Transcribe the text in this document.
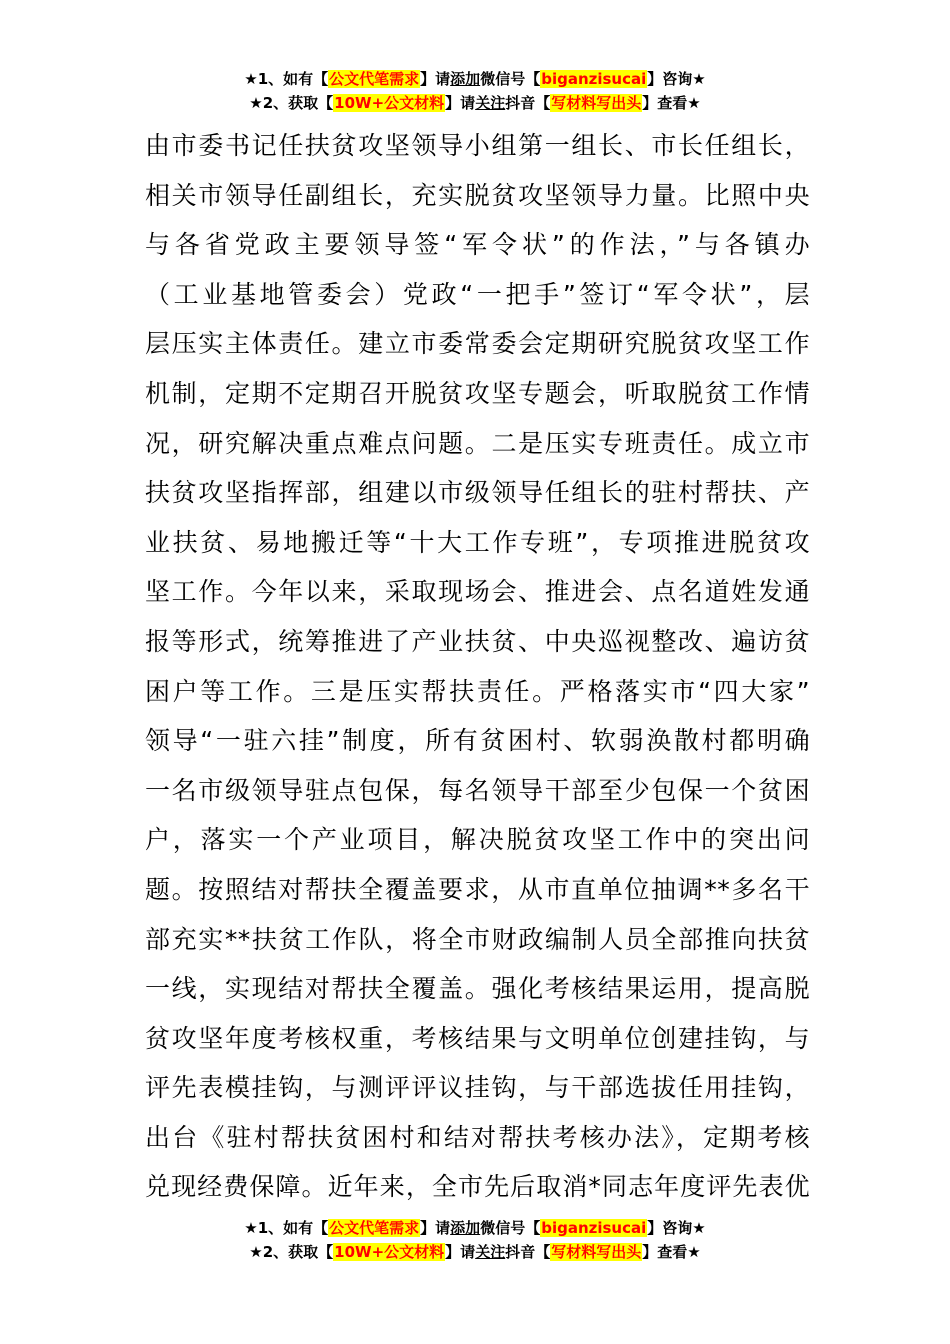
★1、如有【公文代笔需求】请添加微信号【biganzisucai】咨询★
★2、获取【10W+公文材料】请关注抖音【写材料写出头】查看★
由市委书记任扶贫攻坚领导小组第一组长、市长任组长，
相关市领导任副组长，充实脱贫攻坚领导力量。比照中央
与各省党政主要领导签“军令状”的作法，”与各镇办
（工业基地管委会）党政“一把手”签订“军令状”，层
层压实主体责任。建立市委常委会定期研究脱贫攻坚工作
机制，定期不定期召开脱贫攻坚专题会，听取脱贫工作情
况，研究解决重点难点问题。二是压实专班责任。成立市
扶贫攻坚指挥部，组建以市级领导任组长的驻村帮扶、产
业扶贫、易地搬迁等“十大工作专班”，专项推进脱贫攻
坚工作。今年以来，采取现场会、推进会、点名道姓发通
报等形式，统筹推进了产业扶贫、中央巡视整改、遍访贫
困户等工作。三是压实帮扶责任。严格落实市“四大家”
领导“一驻六挂”制度，所有贫困村、软弱涣散村都明确
一名市级领导驻点包保，每名领导干部至少包保一个贫困
户，落实一个产业项目，解决脱贫攻坚工作中的突出问
题。按照结对帮扶全覆盖要求，从市直单位抽调**多名干
部充实**扶贫工作队，将全市财政编制人员全部推向扶贫
一线，实现结对帮扶全覆盖。强化考核结果运用，提高脱
贫攻坚年度考核权重，考核结果与文明单位创建挂钩，与
评先表模挂钩，与测评评议挂钩，与干部选拔任用挂钩，
出台《驻村帮扶贫困村和结对帮扶考核办法》，定期考核
兑现经费保障。近年来，全市先后取消*同志年度评先表优
★1、如有【公文代笔需求】请添加微信号【biganzisucai】咨询★
★2、获取【10W+公文材料】请关注抖音【写材料写出头】查看★
